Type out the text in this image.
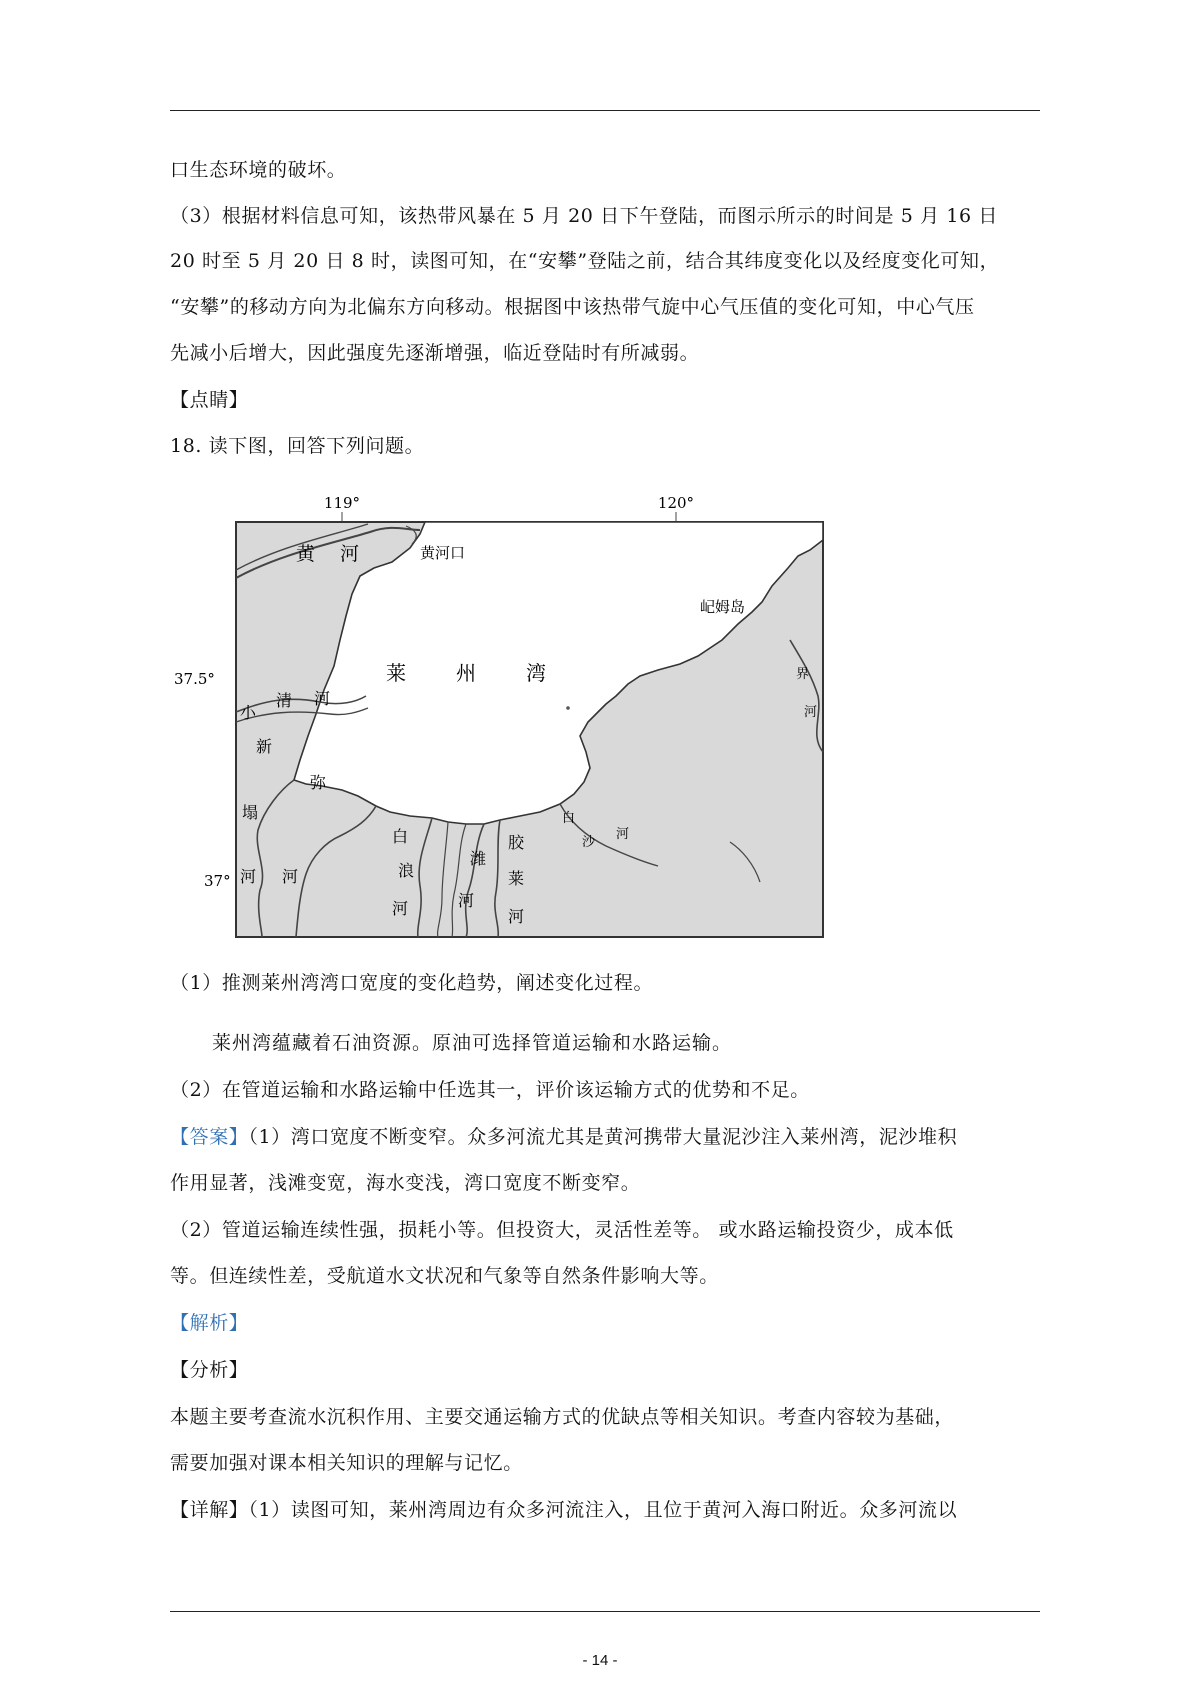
口生态环境的破坏。
（3）根据材料信息可知，该热带风暴在 5 月 20 日下午登陆，而图示所示的时间是 5 月 16 日
20 时至 5 月 20 日 8 时，读图可知，在“安攀”登陆之前，结合其纬度变化以及经度变化可知，
“安攀”的移动方向为北偏东方向移动。根据图中该热带气旋中心气压值的变化可知，中心气压
先减小后增大，因此强度先逐渐增强，临近登陆时有所减弱。
【点睛】
18. 读下图，回答下列问题。
119°	120°
37.5°
37°
黄 河	黄河口
屺姆岛
莱	州	湾	界
河
小
清 河
新
塌
河
弥
河
白
浪
河
潍
河
胶
莱
河
白
沙
河
（1）推测莱州湾湾口宽度的变化趋势，阐述变化过程。
莱州湾蕴藏着石油资源。原油可选择管道运输和水路运输。
（2）在管道运输和水路运输中任选其一，评价该运输方式的优势和不足。
【答案】（1）湾口宽度不断变窄。众多河流尤其是黄河携带大量泥沙注入莱州湾，泥沙堆积
作用显著，浅滩变宽，海水变浅，湾口宽度不断变窄。
（2）管道运输连续性强，损耗小等。但投资大，灵活性差等。 或水路运输投资少，成本低
等。但连续性差，受航道水文状况和气象等自然条件影响大等。
【解析】
【分析】
本题主要考查流水沉积作用、主要交通运输方式的优缺点等相关知识。考查内容较为基础，
需要加强对课本相关知识的理解与记忆。
【详解】（1）读图可知，莱州湾周边有众多河流注入，且位于黄河入海口附近。众多河流以
- 14 -
